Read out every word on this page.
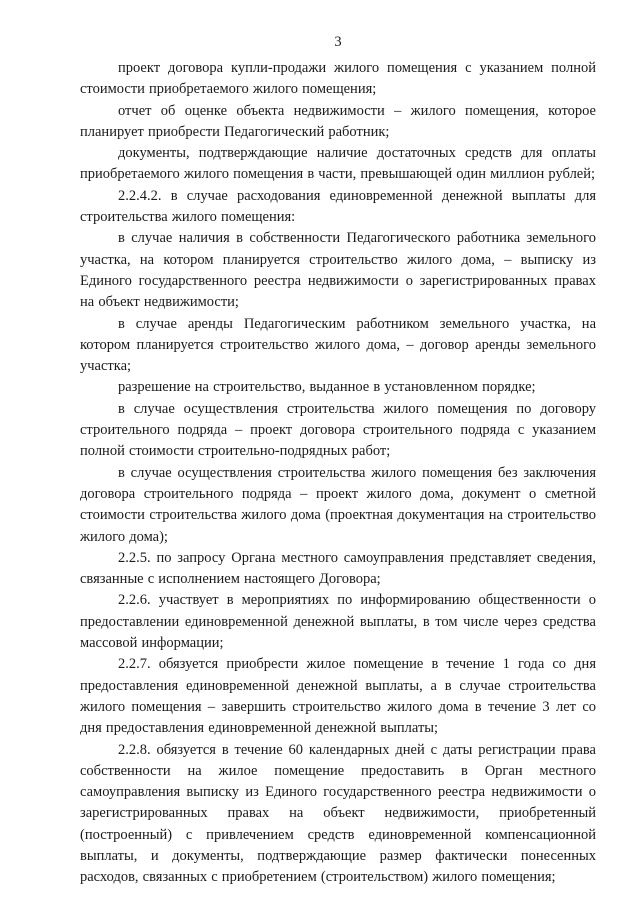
3

проект договора купли-продажи жилого помещения с указанием полной стоимости приобретаемого жилого помещения;

отчет об оценке объекта недвижимости – жилого помещения, которое планирует приобрести Педагогический работник;

документы, подтверждающие наличие достаточных средств для оплаты приобретаемого жилого помещения в части, превышающей один миллион рублей;

2.2.4.2. в случае расходования единовременной денежной выплаты для строительства жилого помещения:

в случае наличия в собственности Педагогического работника земельного участка, на котором планируется строительство жилого дома, – выписку из Единого государственного реестра недвижимости о зарегистрированных правах на объект недвижимости;

в случае аренды Педагогическим работником земельного участка, на котором планируется строительство жилого дома, – договор аренды земельного участка;

разрешение на строительство, выданное в установленном порядке;

в случае осуществления строительства жилого помещения по договору строительного подряда – проект договора строительного подряда с указанием полной стоимости строительно-подрядных работ;

в случае осуществления строительства жилого помещения без заключения договора строительного подряда – проект жилого дома, документ о сметной стоимости строительства жилого дома (проектная документация на строительство жилого дома);

2.2.5. по запросу Органа местного самоуправления представляет сведения, связанные с исполнением настоящего Договора;

2.2.6. участвует в мероприятиях по информированию общественности о предоставлении единовременной денежной выплаты, в том числе через средства массовой информации;

2.2.7. обязуется приобрести жилое помещение в течение 1 года со дня предоставления единовременной денежной выплаты, а в случае строительства жилого помещения – завершить строительство жилого дома в течение 3 лет со дня предоставления единовременной денежной выплаты;

2.2.8. обязуется в течение 60 календарных дней с даты регистрации права собственности на жилое помещение предоставить в Орган местного самоуправления выписку из Единого государственного реестра недвижимости о зарегистрированных правах на объект недвижимости, приобретенный (построенный) с привлечением средств единовременной компенсационной выплаты, и документы, подтверждающие размер фактически понесенных расходов, связанных с приобретением (строительством) жилого помещения;
